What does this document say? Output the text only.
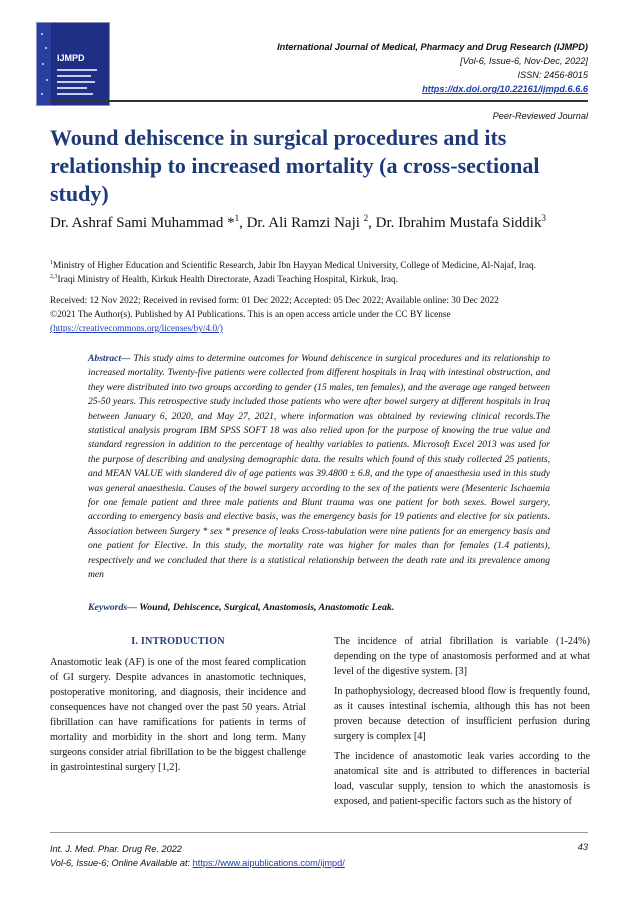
IJMPD
International Journal of Medical, Pharmacy and Drug Research (IJMPD)
[Vol-6, Issue-6, Nov-Dec, 2022]
ISSN: 2456-8015
https://dx.doi.org/10.22161/ijmpd.6.6.6
Peer-Reviewed Journal
Wound dehiscence in surgical procedures and its relationship to increased mortality (a cross-sectional study)
Dr. Ashraf Sami Muhammad *$^1$, Dr. Ali Ramzi Naji $^2$, Dr. Ibrahim Mustafa Siddik$^3$
$^1$Ministry of Higher Education and Scientific Research, Jabir Ibn Hayyan Medical University, College of Medicine, Al-Najaf, Iraq.
$^{2,3}$Iraqi Ministry of Health, Kirkuk Health Directorate, Azadi Teaching Hospital, Kirkuk, Iraq.
Received: 12 Nov 2022; Received in revised form: 01 Dec 2022; Accepted: 05 Dec 2022; Available online: 30 Dec 2022
©2021 The Author(s). Published by AI Publications. This is an open access article under the CC BY license
(https://creativecommons.org/licenses/by/4.0/)
Abstract— This study aims to determine outcomes for Wound dehiscence in surgical procedures and its relationship to increased mortality. Twenty-five patients were collected from different hospitals in Iraq with intestinal obstruction, and they were distributed into two groups according to gender (15 males, ten females), and the average age ranged between 25-50 years. This retrospective study included those patients who were after bowel surgery at different hospitals in Iraq between January 6, 2020, and May 27, 2021, where information was obtained by reviewing clinical records.The statistical analysis program IBM SPSS SOFT 18 was also relied upon for the purpose of knowing the true value and standard regression in addition to the percentage of healthy variables to patients. Microsoft Excel 2013 was used for the purpose of describing and analysing demographic data. the results which found of this study collected 25 patients, and MEAN VALUE with slandered div of age patients was 39.4800 ± 6.8, and the type of anaesthesia used in this study was general anaesthesia. Causes of the bowel surgery according to the sex of the patients were (Mesenteric Ischaemia for one female patient and three male patients and Blunt trauma was one patient for both sexes. Bowel surgery, according to emergency basis and elective basis, was the emergency basis for 19 patients and elective for six patients. Association between Surgery * sex * presence of leaks Cross-tabulation were nine patients for an emergency basis and one patient for Elective. In this study, the mortality rate was higher for males than for females (1.4 patients), respectively and we concluded that there is a statistical relationship between the death rate and its prevalence among men
Keywords— Wound, Dehiscence, Surgical, Anastomosis, Anastomotic Leak.
I. INTRODUCTION

Anastomotic leak (AF) is one of the most feared complication of GI surgery. Despite advances in anastomotic techniques, postoperative monitoring, and diagnosis, their incidence and consequences have not changed over the past 50 years. Atrial fibrillation can have ramifications for patients in terms of mortality and morbidity in the short and long term. Many surgeons consider atrial fibrillation to be the biggest challenge in gastrointestinal surgery [1,2].

The incidence of atrial fibrillation is variable (1-24%) depending on the type of anastomosis performed and at what level of the digestive system. [3]

In pathophysiology, decreased blood flow is frequently found, as it causes intestinal ischemia, although this has not been proven because detection of insufficient perfusion during surgery is complex [4]

The incidence of anastomotic leak varies according to the anatomical site and is attributed to differences in bacterial load, vascular supply, tension to which the anastomosis is exposed, and patient-specific factors such as the history of

Int. J. Med. Phar. Drug Re. 2022
Vol-6, Issue-6; Online Available at: https://www.aipublications.com/ijmpd/
43
